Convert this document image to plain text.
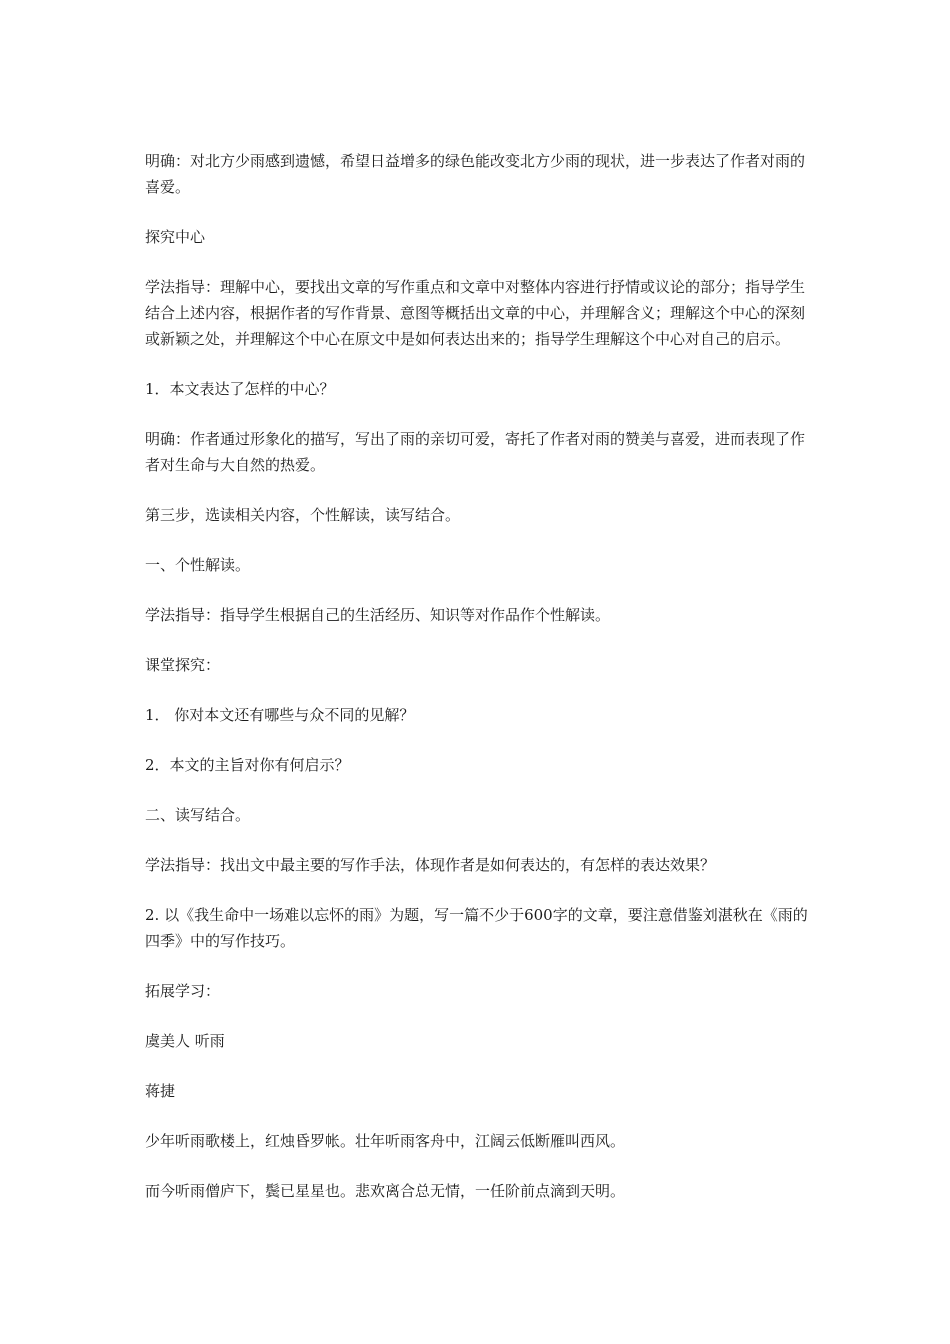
明确：对北方少雨感到遗憾，希望日益增多的绿色能改变北方少雨的现状，进一步表达了作者对雨的喜爱。

探究中心

学法指导：理解中心，要找出文章的写作重点和文章中对整体内容进行抒情或议论的部分；指导学生结合上述内容，根据作者的写作背景、意图等概括出文章的中心，并理解含义；理解这个中心的深刻或新颖之处，并理解这个中心在原文中是如何表达出来的；指导学生理解这个中心对自己的启示。

1．本文表达了怎样的中心？

明确：作者通过形象化的描写，写出了雨的亲切可爱，寄托了作者对雨的赞美与喜爱，进而表现了作者对生命与大自然的热爱。

第三步，选读相关内容，个性解读，读写结合。

一、个性解读。

学法指导：指导学生根据自己的生活经历、知识等对作品作个性解读。

课堂探究：

1． 你对本文还有哪些与众不同的见解？

2．本文的主旨对你有何启示？

二、读写结合。

学法指导：找出文中最主要的写作手法，体现作者是如何表达的，有怎样的表达效果？

2. 以《我生命中一场难以忘怀的雨》为题，写一篇不少于600字的文章，要注意借鉴刘湛秋在《雨的四季》中的写作技巧。

拓展学习：

虞美人 听雨

蒋捷

少年听雨歌楼上，红烛昏罗帐。壮年听雨客舟中，江阔云低断雁叫西风。

而今听雨僧庐下，鬓已星星也。悲欢离合总无情，一任阶前点滴到天明。
